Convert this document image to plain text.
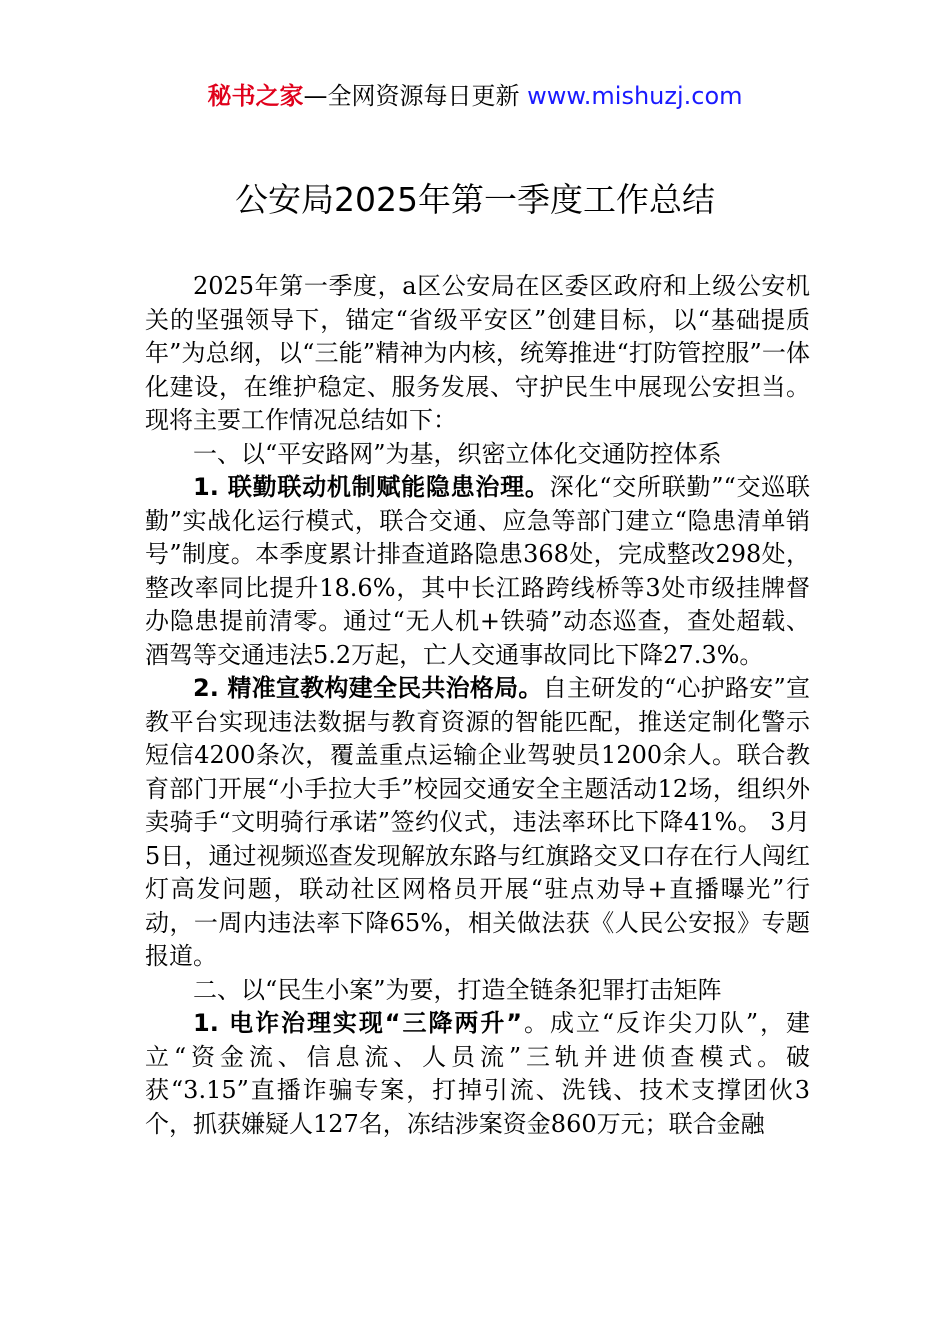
秘书之家—全网资源每日更新 www.mishuzj.com
公安局2025年第一季度工作总结

2025年第一季度，a区公安局在区委区政府和上级公安机关的坚强领导下，锚定“省级平安区”创建目标，以“基础提质年”为总纲，以“三能”精神为内核，统筹推进“打防管控服”一体化建设，在维护稳定、服务发展、守护民生中展现公安担当。现将主要工作情况总结如下：

一、以“平安路网”为基，织密立体化交通防控体系

1. 联勤联动机制赋能隐患治理。深化“交所联勤”“交巡联勤”实战化运行模式，联合交通、应急等部门建立“隐患清单销号”制度。本季度累计排查道路隐患368处，完成整改298处，整改率同比提升18.6%，其中长江路跨线桥等3处市级挂牌督办隐患提前清零。通过“无人机+铁骑”动态巡查，查处超载、酒驾等交通违法5.2万起，亡人交通事故同比下降27.3%。

2. 精准宣教构建全民共治格局。自主研发的“心护路安”宣教平台实现违法数据与教育资源的智能匹配，推送定制化警示短信4200条次，覆盖重点运输企业驾驶员1200余人。联合教育部门开展“小手拉大手”校园交通安全主题活动12场，组织外卖骑手“文明骑行承诺”签约仪式，违法率环比下降41%。 3月5日，通过视频巡查发现解放东路与红旗路交叉口存在行人闯红灯高发问题，联动社区网格员开展“驻点劝导+直播曝光”行动，一周内违法率下降65%，相关做法获《人民公安报》专题报道。

二、以“民生小案”为要，打造全链条犯罪打击矩阵

1. 电诈治理实现“三降两升”。成立“反诈尖刀队”，建立“资金流、信息流、人员流”三轨并进侦查模式。破获“3.15”直播诈骗专案，打掉引流、洗钱、技术支撑团伙3个，抓获嫌疑人127名，冻结涉案资金860万元；联合金融
